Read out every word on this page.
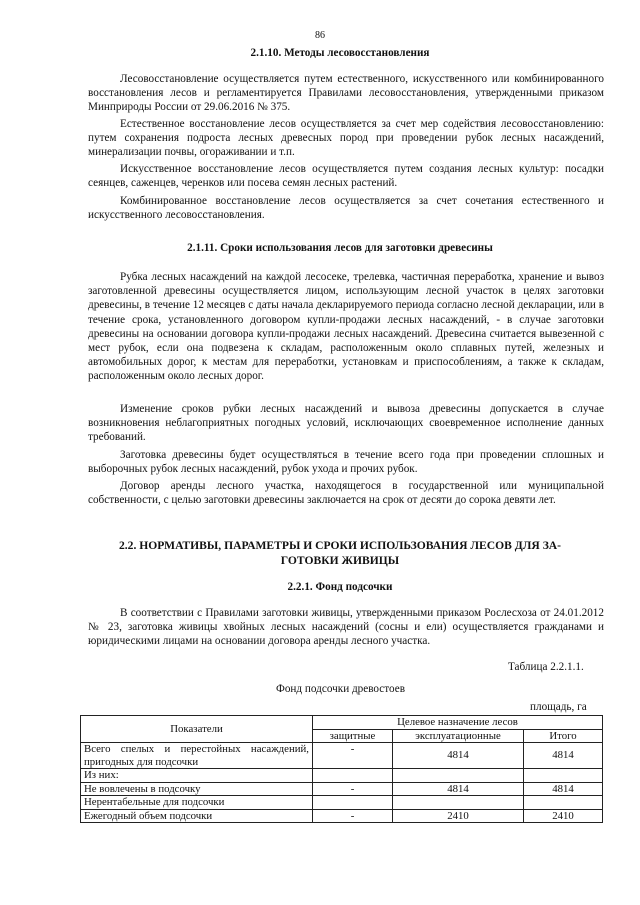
86
2.1.10. Методы лесовосстановления

Лесовосстановление осуществляется путем естественного, искусственного или комбинированного восстановления лесов и регламентируется Правилами лесовосстановления, утвержденными приказом Минприроды России от 29.06.2016 № 375.

Естественное восстановление лесов осуществляется за счет мер содействия лесовосстановлению: путем сохранения подроста лесных древесных пород при проведении рубок лесных насаждений, минерализации почвы, огораживании и т.п.

Искусственное восстановление лесов осуществляется путем создания лесных культур: посадки сеянцев, саженцев, черенков или посева семян лесных растений.

Комбинированное восстановление лесов осуществляется за счет сочетания естественного и искусственного лесовосстановления.

2.1.11. Сроки использования лесов для заготовки древесины

Рубка лесных насаждений на каждой лесосеке, трелевка, частичная переработка, хранение и вывоз заготовленной древесины осуществляется лицом, использующим лесной участок в целях заготовки древесины, в течение 12 месяцев с даты начала декларируемого периода согласно лесной декларации, или в течение срока, установленного договором купли-продажи лесных насаждений, - в случае заготовки древесины на основании договора купли-продажи лесных насаждений. Древесина считается вывезенной с мест рубок, если она подвезена к складам, расположенным около сплавных путей, железных и автомобильных дорог, к местам для переработки, установкам и приспособлениям, а также к складам, расположенным около лесных дорог.

Изменение сроков рубки лесных насаждений и вывоза древесины допускается в случае возникновения неблагоприятных погодных условий, исключающих своевременное исполнение данных требований.

Заготовка древесины будет осуществляться в течение всего года при проведении сплошных и выборочных рубок лесных насаждений, рубок ухода и прочих рубок.

Договор аренды лесного участка, находящегося в государственной или муниципальной собственности, с целью заготовки древесины заключается на срок от десяти до сорока девяти лет.

2.2. НОРМАТИВЫ, ПАРАМЕТРЫ И СРОКИ ИСПОЛЬЗОВАНИЯ ЛЕСОВ ДЛЯ ЗА-
ГОТОВКИ ЖИВИЦЫ
2.2.1. Фонд подсочки

В соответствии с Правилами заготовки живицы, утвержденными приказом Рослесхоза от 24.01.2012 № 23, заготовка живицы хвойных лесных насаждений (сосны и ели) осуществляется гражданами и юридическими лицами на основании договора аренды лесного участка.

Таблица 2.2.1.1.
Фонд подсочки древостоев
площадь, га
Показатели	Целевое назначение лесов		
	защитные	эксплуатационные	Итого
Всего спелых и перестойных насаждений, пригодных для подсочки	-	4814	4814
Из них:			
Не вовлечены в подсочку	-	4814	4814
Нерентабельные для подсочки			
Ежегодный объем подсочки	-	2410	2410
